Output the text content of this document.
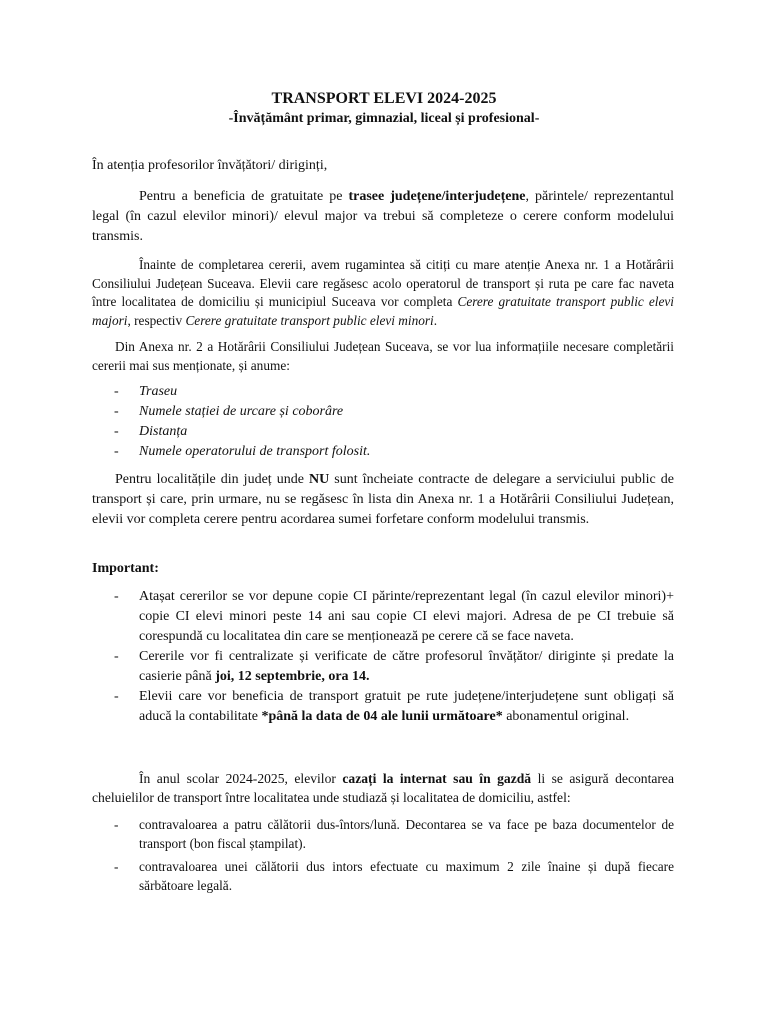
TRANSPORT ELEVI 2024-2025
-Învățământ primar, gimnazial, liceal și profesional-

În atenția profesorilor învățători/ diriginți,

Pentru a beneficia de gratuitate pe trasee județene/interjudețene, părintele/ reprezentantul legal (în cazul elevilor minori)/ elevul major va trebui să completeze o cerere conform modelului transmis.

Înainte de completarea cererii, avem rugamintea să citiți cu mare atenție Anexa nr. 1 a Hotărârii Consiliului Județean Suceava. Elevii care regăsesc acolo operatorul de transport și ruta pe care fac naveta între localitatea de domiciliu și municipiul Suceava vor completa Cerere gratuitate transport public elevi majori, respectiv Cerere gratuitate transport public elevi minori.

Din Anexa nr. 2 a Hotărârii Consiliului Județean Suceava, se vor lua informațiile necesare completării cererii mai sus menționate, și anume:

- Traseu
- Numele stației de urcare și coborâre
- Distanța
- Numele operatorului de transport folosit.

Pentru localitățile din județ unde NU sunt încheiate contracte de delegare a serviciului public de transport și care, prin urmare, nu se regăsesc în lista din Anexa nr. 1 a Hotărârii Consiliului Județean, elevii vor completa cerere pentru acordarea sumei forfetare conform modelului transmis.

Important:
- Atașat cererilor se vor depune copie CI părinte/reprezentant legal (în cazul elevilor minori)+ copie CI elevi minori peste 14 ani sau copie CI elevi majori. Adresa de pe CI trebuie să corespundă cu localitatea din care se menționează pe cerere că se face naveta.
- Cererile vor fi centralizate și verificate de către profesorul învățător/ diriginte și predate la casierie până joi, 12 septembrie, ora 14.
- Elevii care vor beneficia de transport gratuit pe rute județene/interjudețene sunt obligați să aducă la contabilitate *până la data de 04 ale lunii următoare* abonamentul original.

În anul scolar 2024-2025, elevilor cazați la internat sau în gazdă li se asigură decontarea cheluielilor de transport între localitatea unde studiază și localitatea de domiciliu, astfel:

- contravaloarea a patru călătorii dus-întors/lună. Decontarea se va face pe baza documentelor de transport (bon fiscal ștampilat).
- contravaloarea unei călătorii dus intors efectuate cu maximum 2 zile înaine și după fiecare sărbătoare legală.
